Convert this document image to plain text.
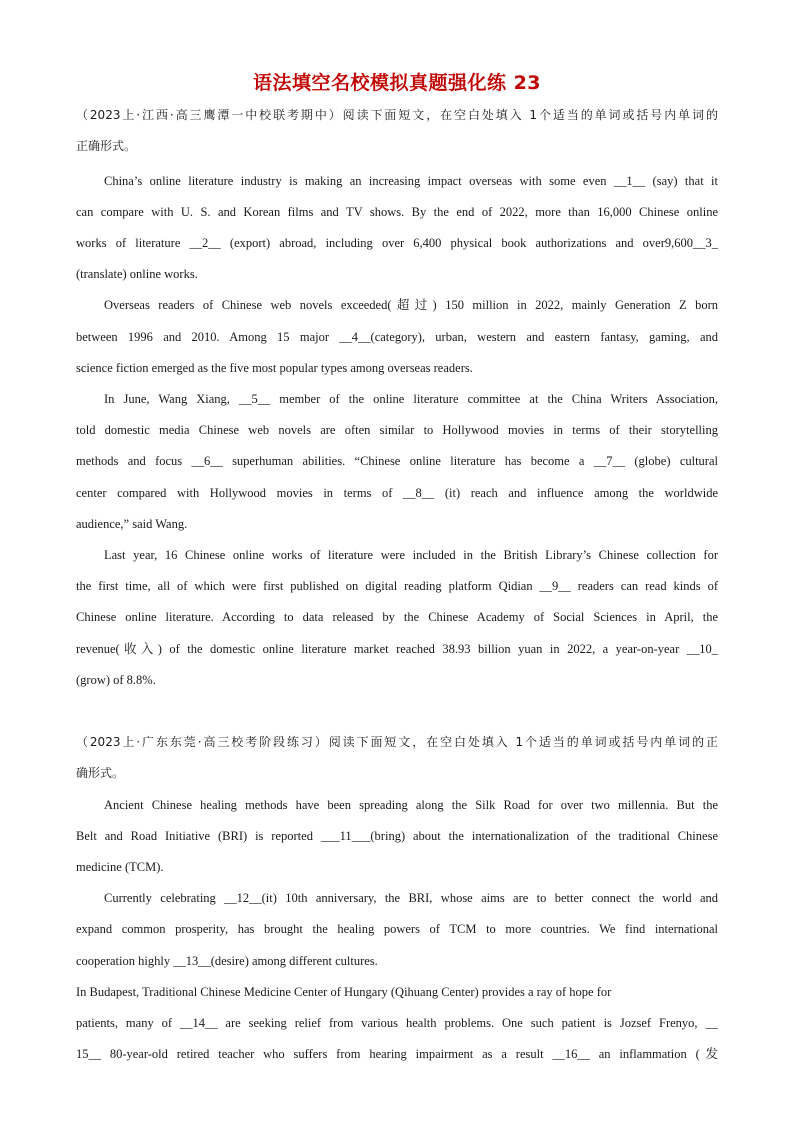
语法填空名校模拟真题强化练 23
（2023上·江西·高三鹰潭一中校联考期中）阅读下面短文，在空白处填入 1个适当的单词或括号内单词的
正确形式。
China’s online literature industry is making an increasing impact overseas with some even __1__ (say) that it
can compare with U. S. and Korean films and TV shows. By the end of 2022, more than 16,000 Chinese online
works of literature __2__ (export) abroad, including over 6,400 physical book authorizations and over9,600__3_
(translate) online works.
Overseas readers of Chinese web novels exceeded(超过) 150 million in 2022, mainly Generation Z born
between 1996 and 2010. Among 15 major __4__(category), urban, western and eastern fantasy, gaming, and
science fiction emerged as the five most popular types among overseas readers.
In June, Wang Xiang, __5__ member of the online literature committee at the China Writers Association,
told domestic media Chinese web novels are often similar to Hollywood movies in terms of their storytelling
methods and focus __6__ superhuman abilities. “Chinese online literature has become a __7__ (globe) cultural
center compared with Hollywood movies in terms of __8__ (it) reach and influence among the worldwide
audience,” said Wang.
Last year, 16 Chinese online works of literature were included in the British Library’s Chinese collection for
the first time, all of which were first published on digital reading platform Qidian __9__ readers can read kinds of
Chinese online literature. According to data released by the Chinese Academy of Social Sciences in April, the
revenue(收入) of the domestic online literature market reached 38.93 billion yuan in 2022, a year-on-year __10_
(grow) of 8.8%.
（2023上·广东东莞·高三校考阶段练习）阅读下面短文，在空白处填入 1个适当的单词或括号内单词的正
确形式。
Ancient Chinese healing methods have been spreading along the Silk Road for over two millennia. But the
Belt and Road Initiative (BRI) is reported ___11___(bring) about the internationalization of the traditional Chinese
medicine (TCM).
Currently celebrating __12__(it) 10th anniversary, the BRI, whose aims are to better connect the world and
expand common prosperity, has brought the healing powers of TCM to more countries. We find international
cooperation highly __13__(desire) among different cultures.
In Budapest, Traditional Chinese Medicine Center of Hungary (Qihuang Center) provides a ray of hope for
patients, many of __14__ are seeking relief from various health problems. One such patient is Jozsef Frenyo, __
15__ 80-year-old retired teacher who suffers from hearing impairment as a result __16__ an inflammation (发
